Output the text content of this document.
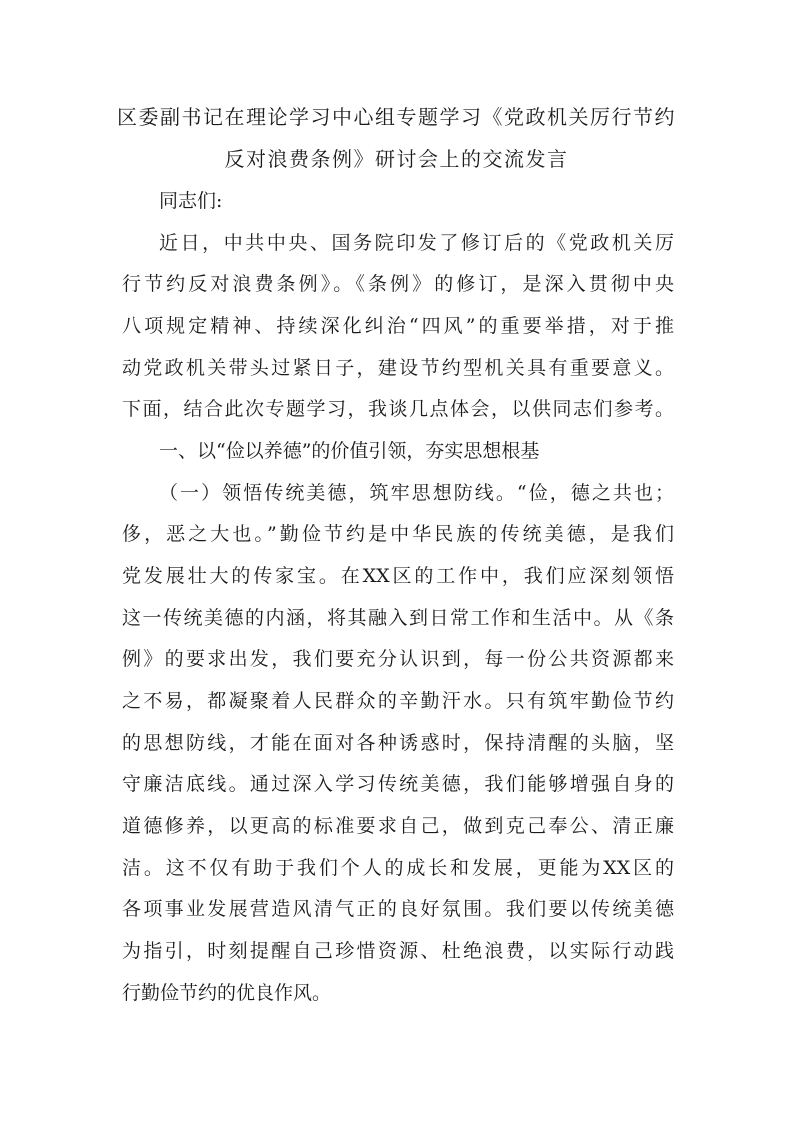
区委副书记在理论学习中心组专题学习《党政机关厉行节约
反对浪费条例》研讨会上的交流发言

同志们:

近日，中共中央、国务院印发了修订后的《党政机关厉

行节约反对浪费条例》。《条例》的修订，是深入贯彻中央

八项规定精神、持续深化纠治“四风”的重要举措，对于推

动党政机关带头过紧日子，建设节约型机关具有重要意义。

下面，结合此次专题学习，我谈几点体会，以供同志们参考。

一、以“俭以养德”的价值引领，夯实思想根基

（一）领悟传统美德，筑牢思想防线。“俭，德之共也；

侈，恶之大也。”勤俭节约是中华民族的传统美德，是我们

党发展壮大的传家宝。在XX区的工作中，我们应深刻领悟

这一传统美德的内涵，将其融入到日常工作和生活中。从《条

例》的要求出发，我们要充分认识到，每一份公共资源都来

之不易，都凝聚着人民群众的辛勤汗水。只有筑牢勤俭节约

的思想防线，才能在面对各种诱惑时，保持清醒的头脑，坚

守廉洁底线。通过深入学习传统美德，我们能够增强自身的

道德修养，以更高的标准要求自己，做到克己奉公、清正廉

洁。这不仅有助于我们个人的成长和发展，更能为XX区的

各项事业发展营造风清气正的良好氛围。我们要以传统美德

为指引，时刻提醒自己珍惜资源、杜绝浪费，以实际行动践

行勤俭节约的优良作风。
